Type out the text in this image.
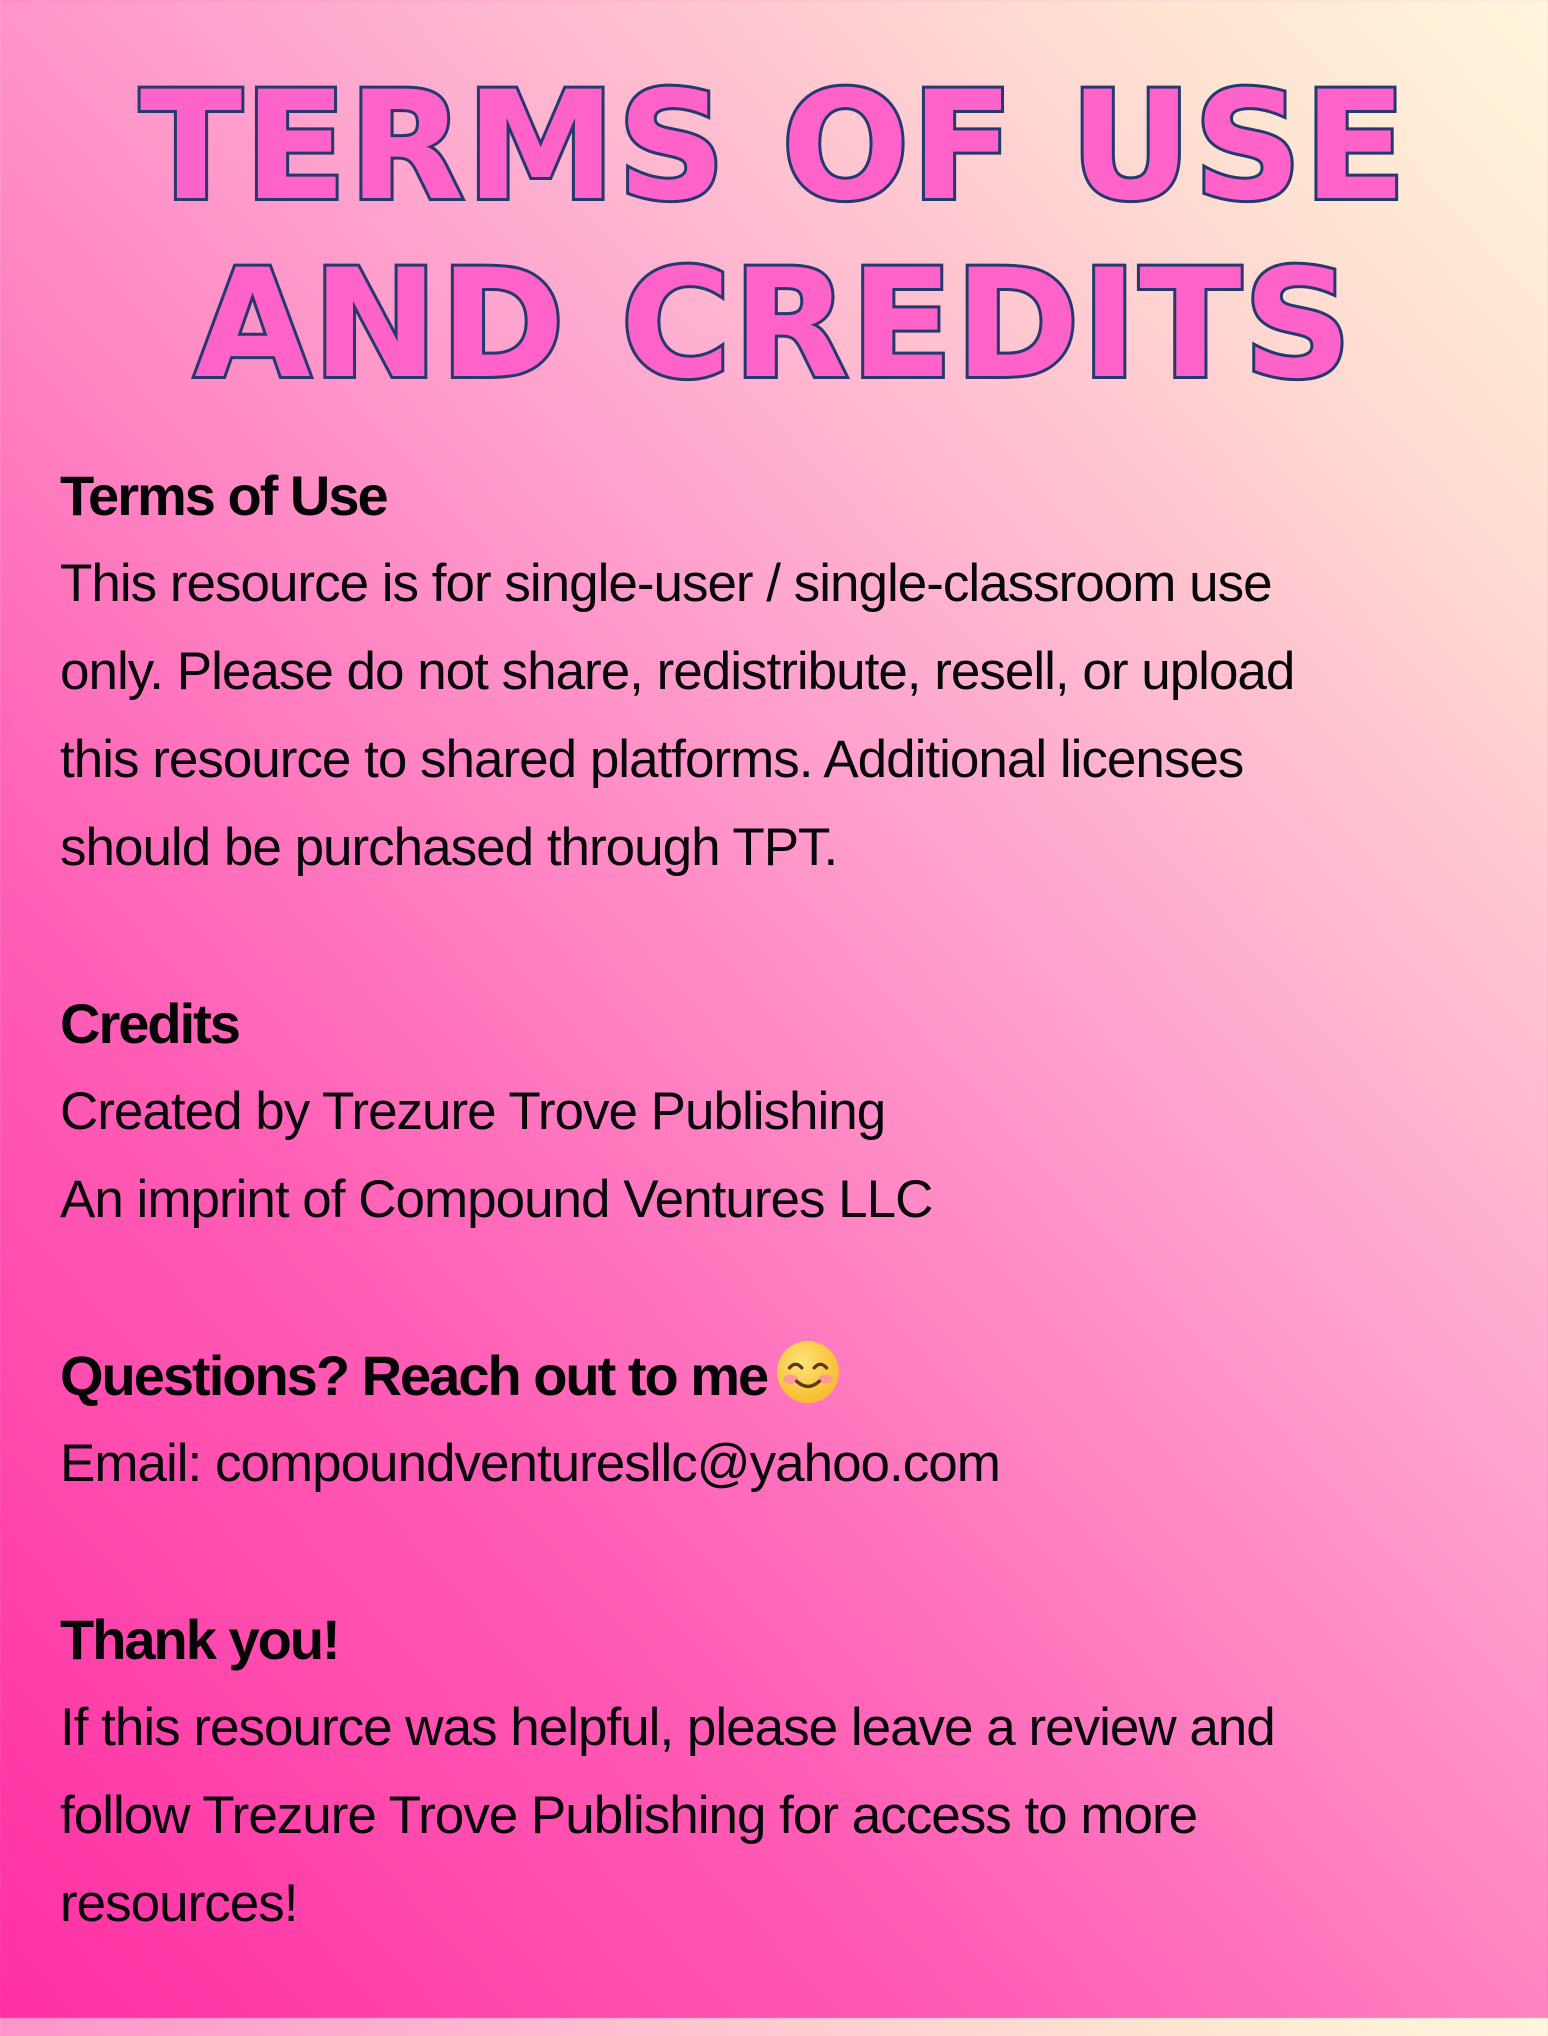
TERMS OF USE
AND CREDITS
Terms of Use

This resource is for single-user / single-classroom use
only. Please do not share, redistribute, resell, or upload
this resource to shared platforms. Additional licenses
should be purchased through TPT.

Credits

Created by Trezure Trove Publishing
An imprint of Compound Ventures LLC

Questions? Reach out to me

Email: compoundventuresllc@yahoo.com

Thank you!

If this resource was helpful, please leave a review and
follow Trezure Trove Publishing for access to more
resources!
